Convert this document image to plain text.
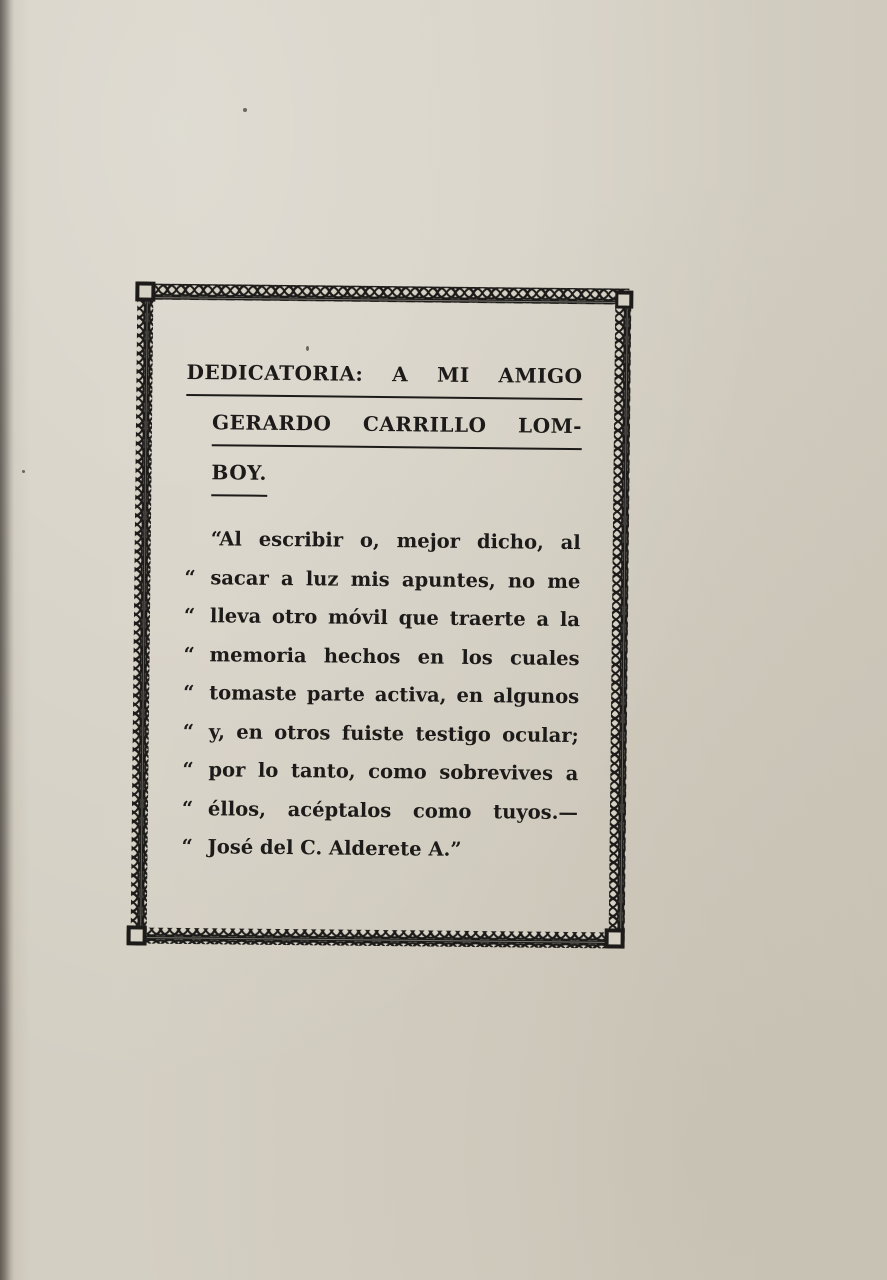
DEDICATORIA: A MI AMIGO
GERARDO CARRILLO LOM-
BOY.
“Al escribir o, mejor dicho, al
“ sacar a luz mis apuntes, no me
“ lleva otro móvil que traerte a la
“ memoria hechos en los cuales
“ tomaste parte activa, en algunos
“ y, en otros fuiste testigo ocular;
“ por lo tanto, como sobrevives a
“ éllos, acéptalos como tuyos.—
“ José del C. Alderete A.”
